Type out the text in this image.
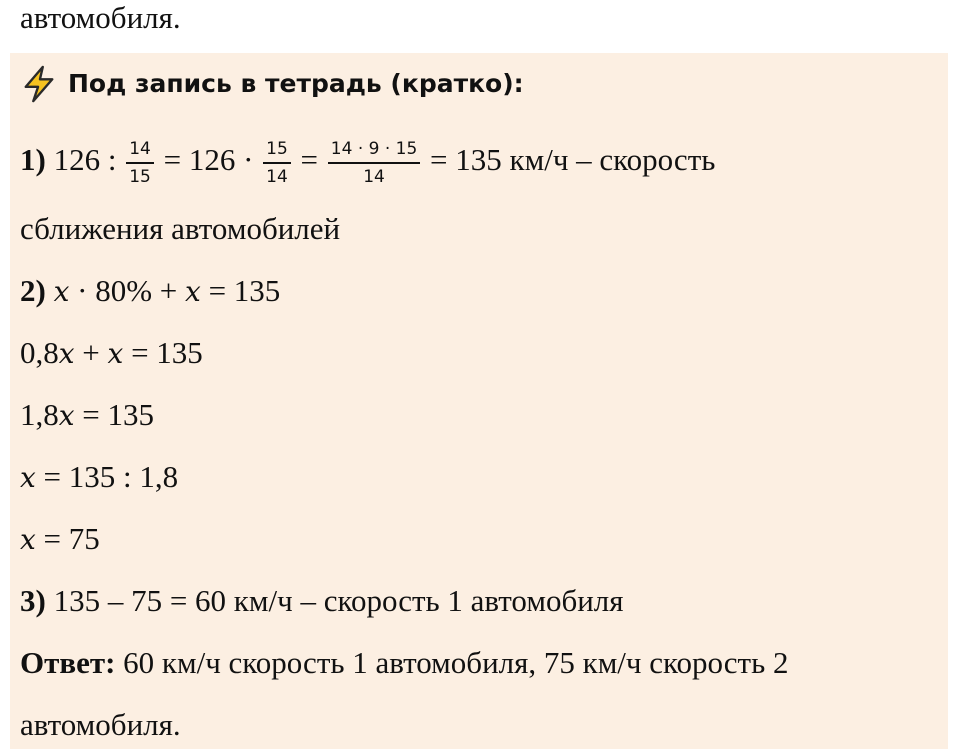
автомобиля.
Под запись в тетрадь (кратко):
1) 126 : $\frac{14}{15} = 126 \cdot \frac{15}{14} = \frac{14 \cdot 9 \cdot 15}{14} = 135$ км/ч – скорость
сближения автомобилей
2) x · 80% + x = 135
0,8x + x = 135
1,8x = 135
x = 135 : 1,8
x = 75
3) 135 – 75 = 60 км/ч – скорость 1 автомобиля
Ответ: 60 км/ч скорость 1 автомобиля, 75 км/ч скорость 2
автомобиля.
